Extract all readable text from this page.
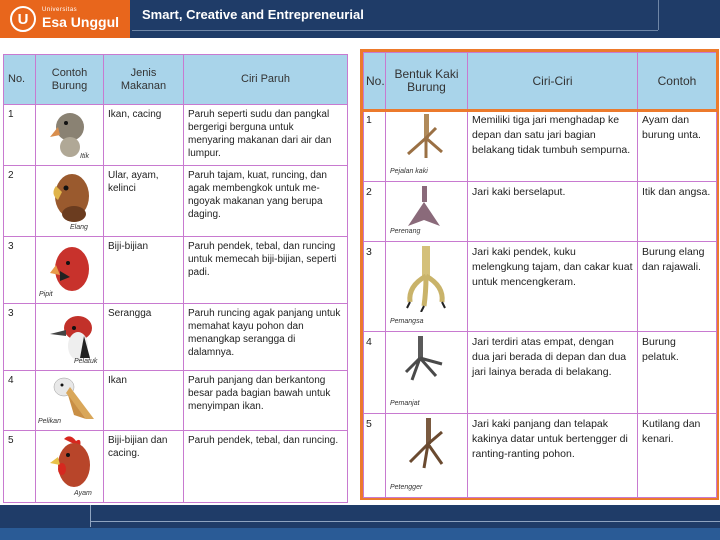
U
Universitas
Esa Unggul Smart, Creative and Entrepreneurial
No.	Contoh Burung	Jenis Makanan	Ciri Paruh
1	Itik	Ikan, cacing	Paruh seperti sudu dan pangkal bergerigi berguna untuk menyaring makanan dari air dan lumpur.
2	Elang	Ular, ayam, kelinci	Paruh tajam, kuat, runcing, dan agak membengkok untuk me-ngoyak makanan yang berupa daging.
3	Pipit	Biji-bijian	Paruh pendek, tebal, dan runcing untuk memecah biji-bijian, seperti padi.
3	Pelatuk	Serangga	Paruh runcing agak panjang untuk memahat kayu pohon dan menangkap serangga di dalamnya.
4	Pelikan	Ikan	Paruh panjang dan berkantong besar pada bagian bawah untuk menyimpan ikan.
5	Ayam	Biji-bijian dan cacing.	Paruh pendek, tebal, dan runcing.
No.	Bentuk Kaki Burung	Ciri-Ciri	Contoh
1	Pejalan kaki	Memiliki tiga jari menghadap ke depan dan satu jari bagian belakang tidak tumbuh sempurna.	Ayam dan burung unta.
2	Perenang	Jari kaki berselaput.	Itik dan angsa.
3	Pemangsa	Jari kaki pendek, kuku melengkung tajam, dan cakar kuat untuk mencengkeram.	Burung elang dan rajawali.
4	Pemanjat	Jari terdiri atas empat, dengan dua jari berada di depan dan dua jari lainya berada di belakang.	Burung pelatuk.
5	Petengger	Jari kaki panjang dan telapak kakinya datar untuk bertengger di ranting-ranting pohon.	Kutilang dan kenari.
